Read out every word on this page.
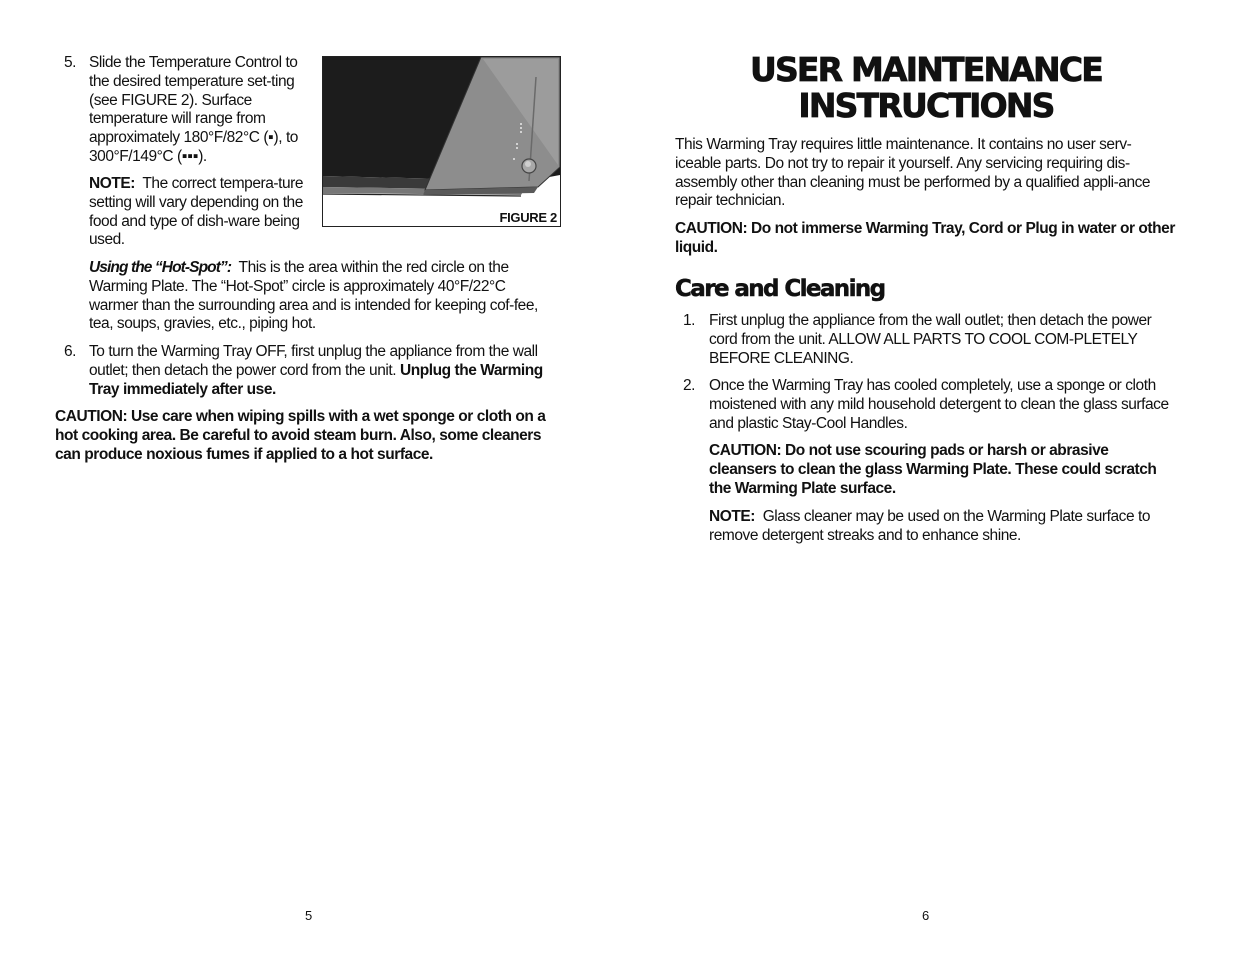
5. Slide the Temperature Control to the desired temperature set-ting (see FIGURE 2). Surface temperature will range from approximately 180°F/82°C (▪), to 300°F/149°C (▪▪▪).
FIGURE 2
NOTE: The correct tempera-ture setting will vary depending on the food and type of dish-ware being used.
Using the “Hot-Spot”: This is the area within the red circle on the Warming Plate. The “Hot-Spot” circle is approximately 40°F/22°C warmer than the surrounding area and is intended for keeping cof-fee, tea, soups, gravies, etc., piping hot.
6. To turn the Warming Tray OFF, first unplug the appliance from the wall outlet; then detach the power cord from the unit. Unplug the Warming Tray immediately after use.
CAUTION: Use care when wiping spills with a wet sponge or cloth on a hot cooking area. Be careful to avoid steam burn. Also, some cleaners can produce noxious fumes if applied to a hot surface.
5
USER MAINTENANCE
INSTRUCTIONS
This Warming Tray requires little maintenance. It contains no user serv-iceable parts. Do not try to repair it yourself. Any servicing requiring dis-assembly other than cleaning must be performed by a qualified appli-ance repair technician.
CAUTION: Do not immerse Warming Tray, Cord or Plug in water or other liquid.
Care and Cleaning
1. First unplug the appliance from the wall outlet; then detach the power cord from the unit. ALLOW ALL PARTS TO COOL COM-PLETELY BEFORE CLEANING.
2. Once the Warming Tray has cooled completely, use a sponge or cloth moistened with any mild household detergent to clean the glass surface and plastic Stay-Cool Handles.
CAUTION: Do not use scouring pads or harsh or abrasive cleansers to clean the glass Warming Plate. These could scratch the Warming Plate surface.
NOTE: Glass cleaner may be used on the Warming Plate surface to remove detergent streaks and to enhance shine.
6
